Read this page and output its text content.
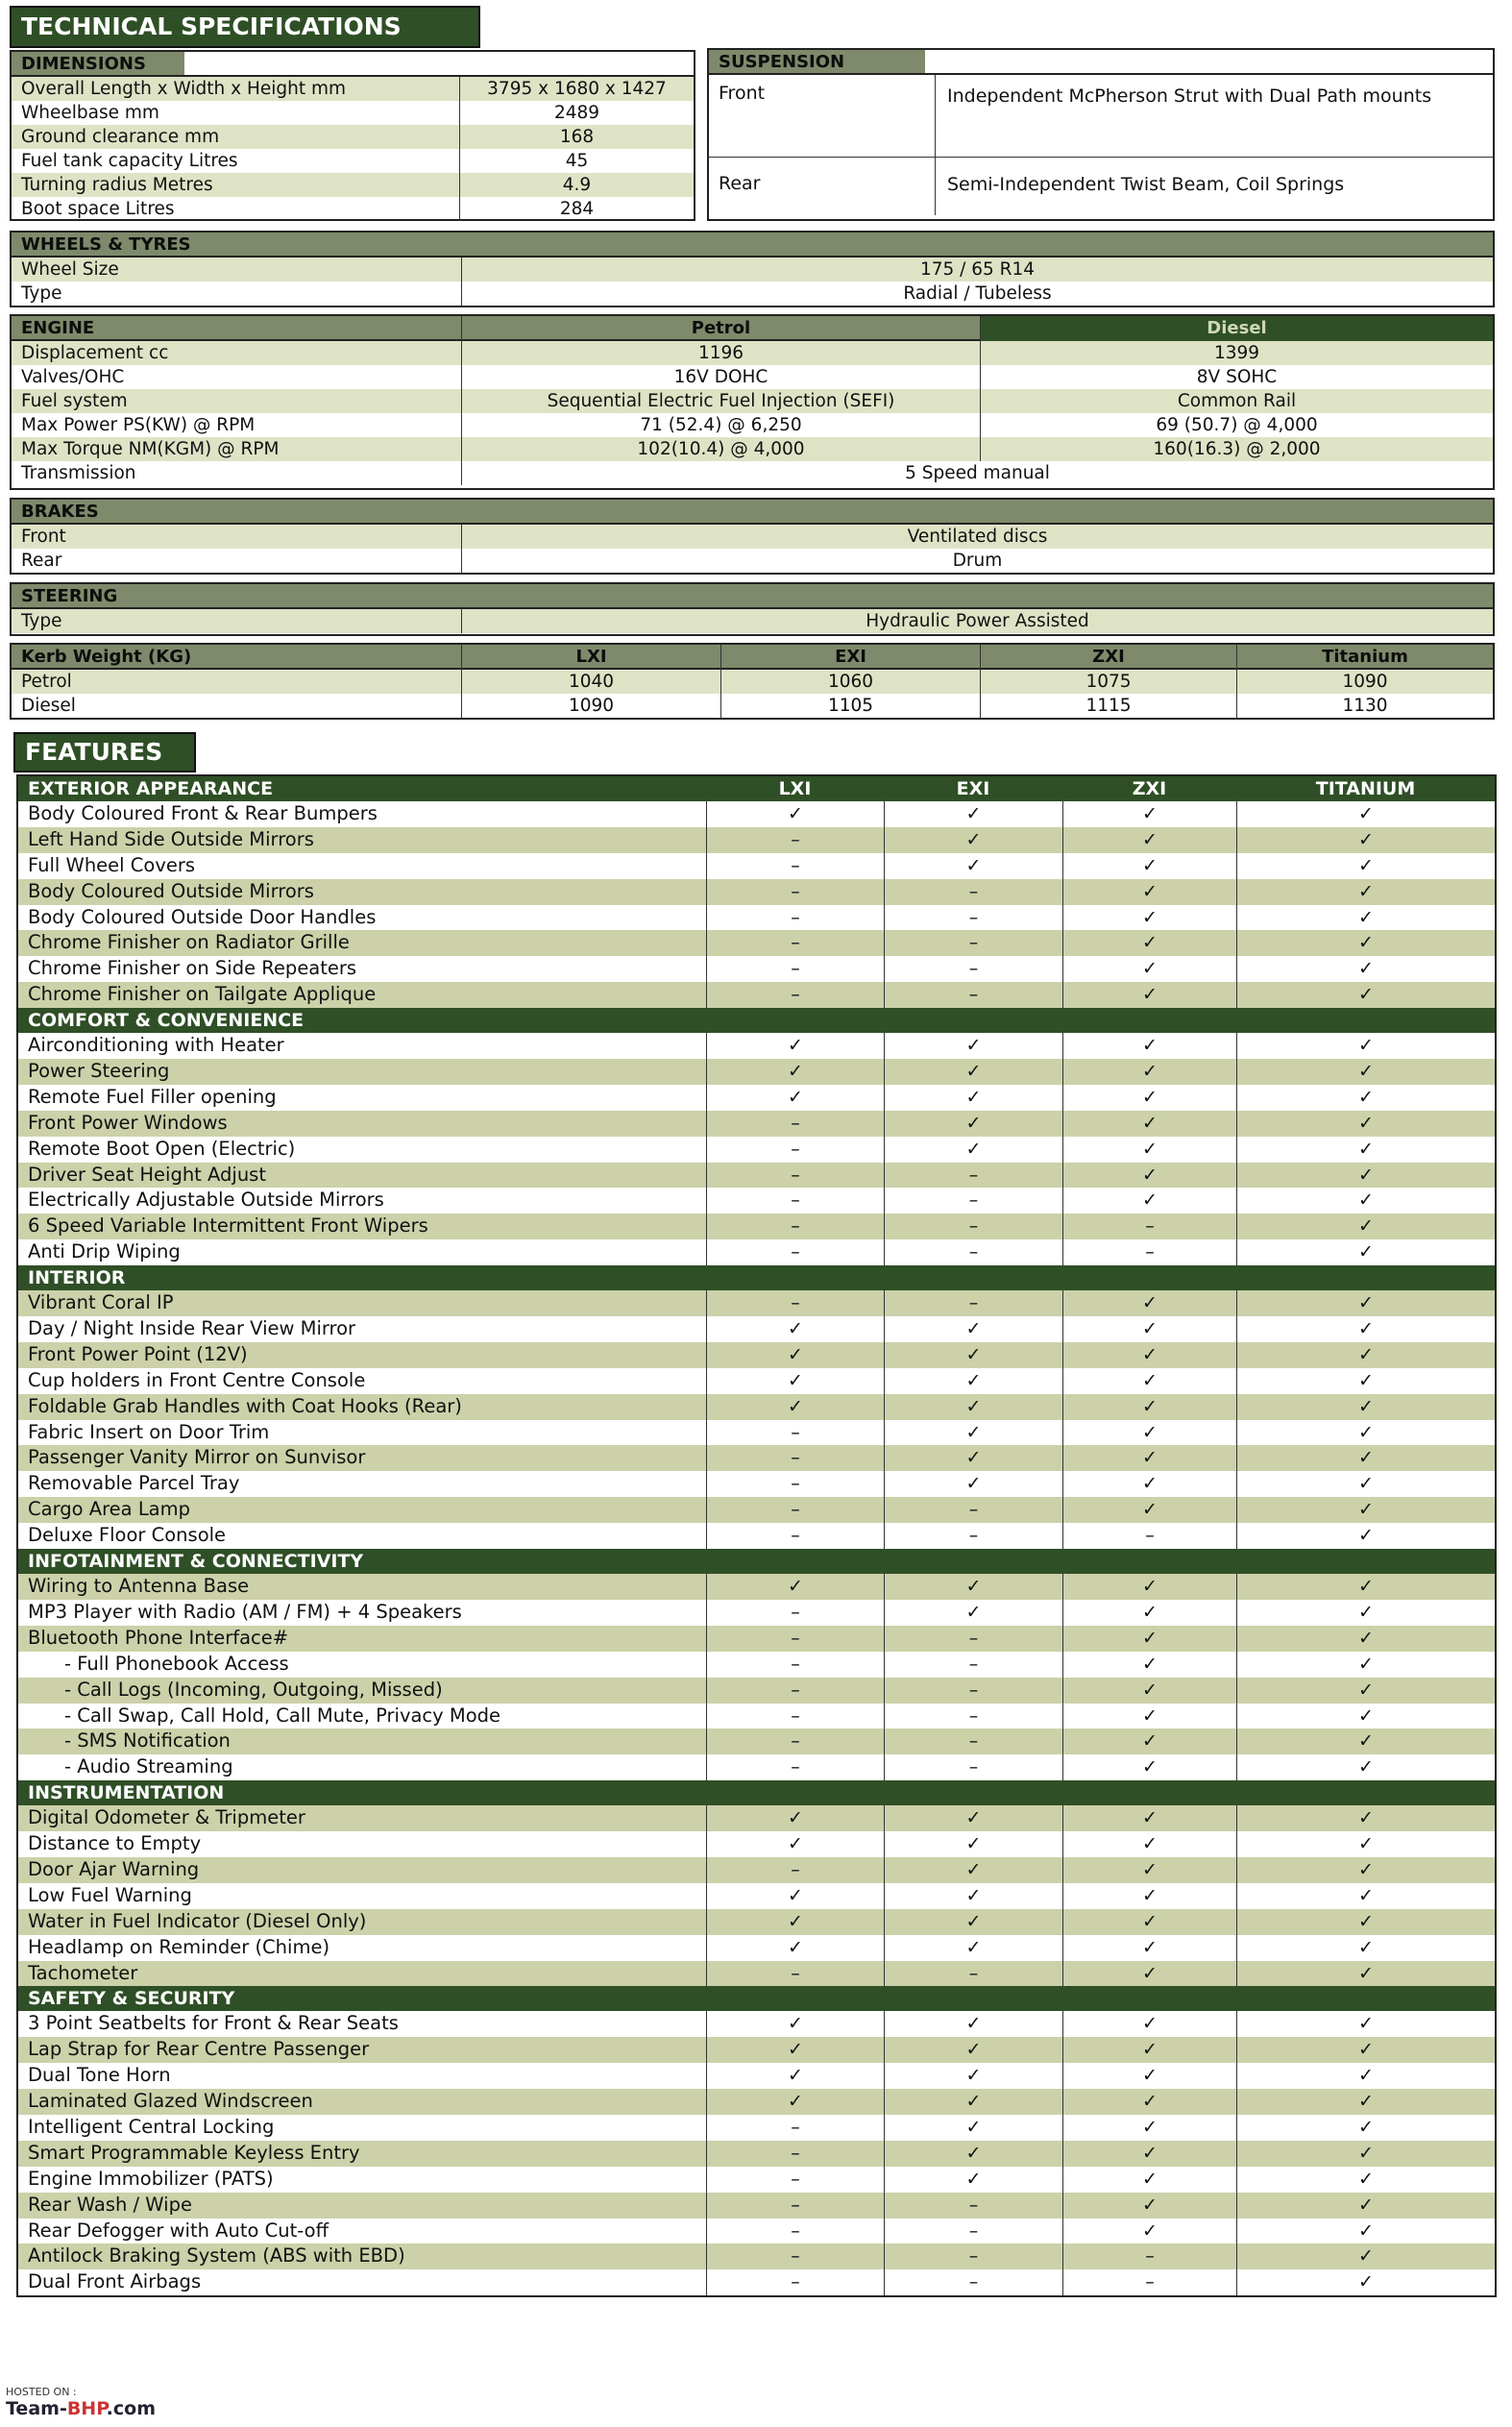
TECHNICAL SPECIFICATIONS
DIMENSIONS
Overall Length x Width x Height mm	3795 x 1680 x 1427
Wheelbase mm	2489
Ground clearance mm	168
Fuel tank capacity Litres	45
Turning radius Metres	4.9
Boot space Litres	284
SUSPENSION
Front	Independent McPherson Strut with Dual Path mounts
Rear	Semi-Independent Twist Beam, Coil Springs
WHEELS & TYRES
Wheel Size	175 / 65 R14
Type	Radial / Tubeless
ENGINE	Petrol	Diesel
Displacement cc	1196	1399
Valves/OHC	16V DOHC	8V SOHC
Fuel system	Sequential Electric Fuel Injection (SEFI)	Common Rail
Max Power PS(KW) @ RPM	71 (52.4) @ 6,250	69 (50.7) @ 4,000
Max Torque NM(KGM) @ RPM	102(10.4) @ 4,000	160(16.3) @ 2,000
Transmission	5 Speed manual
BRAKES
Front	Ventilated discs
Rear	Drum
STEERING
Type	Hydraulic Power Assisted
Kerb Weight (KG)	LXI	EXI	ZXI	Titanium
Petrol	1040	1060	1075	1090
Diesel	1090	1105	1115	1130
FEATURES
EXTERIOR APPEARANCE	LXI	EXI	ZXI	TITANIUM
Body Coloured Front & Rear Bumpers	✓	✓	✓	✓
Left Hand Side Outside Mirrors	–	✓	✓	✓
Full Wheel Covers	–	✓	✓	✓
Body Coloured Outside Mirrors	–	–	✓	✓
Body Coloured Outside Door Handles	–	–	✓	✓
Chrome Finisher on Radiator Grille	–	–	✓	✓
Chrome Finisher on Side Repeaters	–	–	✓	✓
Chrome Finisher on Tailgate Applique	–	–	✓	✓
COMFORT & CONVENIENCE
Airconditioning with Heater	✓	✓	✓	✓
Power Steering	✓	✓	✓	✓
Remote Fuel Filler opening	✓	✓	✓	✓
Front Power Windows	–	✓	✓	✓
Remote Boot Open (Electric)	–	✓	✓	✓
Driver Seat Height Adjust	–	–	✓	✓
Electrically Adjustable Outside Mirrors	–	–	✓	✓
6 Speed Variable Intermittent Front Wipers	–	–	–	✓
Anti Drip Wiping	–	–	–	✓
INTERIOR
Vibrant Coral IP	–	–	✓	✓
Day / Night Inside Rear View Mirror	✓	✓	✓	✓
Front Power Point (12V)	✓	✓	✓	✓
Cup holders in Front Centre Console	✓	✓	✓	✓
Foldable Grab Handles with Coat Hooks (Rear)	✓	✓	✓	✓
Fabric Insert on Door Trim	–	✓	✓	✓
Passenger Vanity Mirror on Sunvisor	–	✓	✓	✓
Removable Parcel Tray	–	✓	✓	✓
Cargo Area Lamp	–	–	✓	✓
Deluxe Floor Console	–	–	–	✓
INFOTAINMENT & CONNECTIVITY
Wiring to Antenna Base	✓	✓	✓	✓
MP3 Player with Radio (AM / FM) + 4 Speakers	–	✓	✓	✓
Bluetooth Phone Interface#	–	–	✓	✓
- Full Phonebook Access	–	–	✓	✓
- Call Logs (Incoming, Outgoing, Missed)	–	–	✓	✓
- Call Swap, Call Hold, Call Mute, Privacy Mode	–	–	✓	✓
- SMS Notification	–	–	✓	✓
- Audio Streaming	–	–	✓	✓
INSTRUMENTATION
Digital Odometer & Tripmeter	✓	✓	✓	✓
Distance to Empty	✓	✓	✓	✓
Door Ajar Warning	–	✓	✓	✓
Low Fuel Warning	✓	✓	✓	✓
Water in Fuel Indicator (Diesel Only)	✓	✓	✓	✓
Headlamp on Reminder (Chime)	✓	✓	✓	✓
Tachometer	–	–	✓	✓
SAFETY & SECURITY
3 Point Seatbelts for Front & Rear Seats	✓	✓	✓	✓
Lap Strap for Rear Centre Passenger	✓	✓	✓	✓
Dual Tone Horn	✓	✓	✓	✓
Laminated Glazed Windscreen	✓	✓	✓	✓
Intelligent Central Locking	–	✓	✓	✓
Smart Programmable Keyless Entry	–	✓	✓	✓
Engine Immobilizer (PATS)	–	✓	✓	✓
Rear Wash / Wipe	–	–	✓	✓
Rear Defogger with Auto Cut-off	–	–	✓	✓
Antilock Braking System (ABS with EBD)	–	–	–	✓
Dual Front Airbags	–	–	–	✓
HOSTED ON :
Team-BHP.com
